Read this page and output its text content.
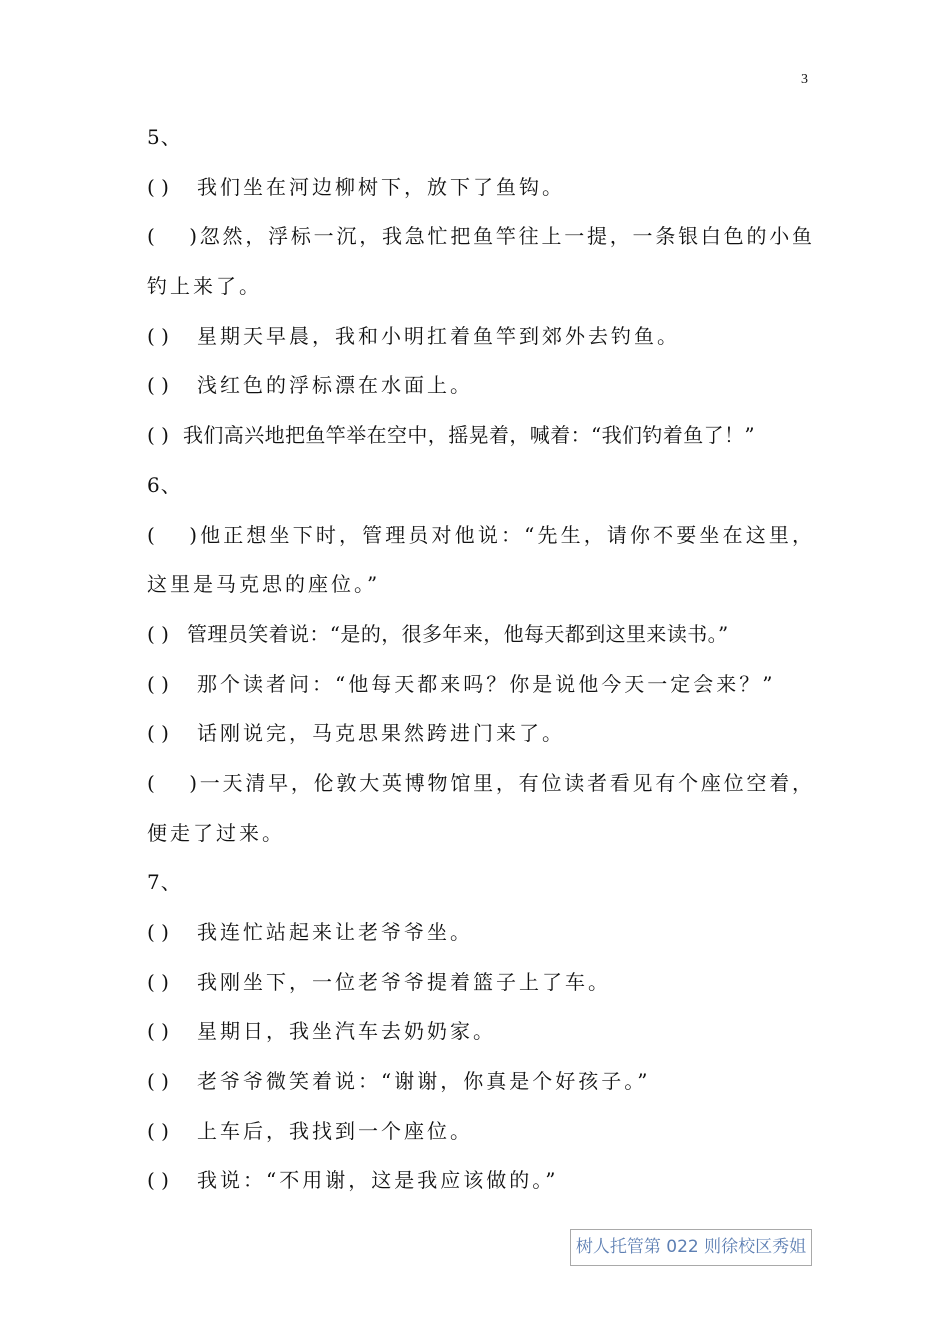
3
5、
( ) 我们坐在河边柳树下，放下了鱼钩。
( )忽然，浮标一沉，我急忙把鱼竿往上一提，一条银白色的小鱼
钓上来了。
( ) 星期天早晨，我和小明扛着鱼竿到郊外去钓鱼。
( ) 浅红色的浮标漂在水面上。
( ) 我们高兴地把鱼竿举在空中，摇晃着，喊着：“我们钓着鱼了！”
6、
( )他正想坐下时，管理员对他说：“先生，请你不要坐在这里，
这里是马克思的座位。”
( ) 管理员笑着说：“是的，很多年来，他每天都到这里来读书。”
( ) 那个读者问：“他每天都来吗？你是说他今天一定会来？”
( ) 话刚说完，马克思果然跨进门来了。
( )一天清早，伦敦大英博物馆里，有位读者看见有个座位空着，
便走了过来。
7、
( ) 我连忙站起来让老爷爷坐。
( ) 我刚坐下，一位老爷爷提着篮子上了车。
( ) 星期日，我坐汽车去奶奶家。
( ) 老爷爷微笑着说：“谢谢，你真是个好孩子。”
( ) 上车后，我找到一个座位。
( ) 我说：“不用谢，这是我应该做的。”
树人托管第 022 则徐校区秀姐
